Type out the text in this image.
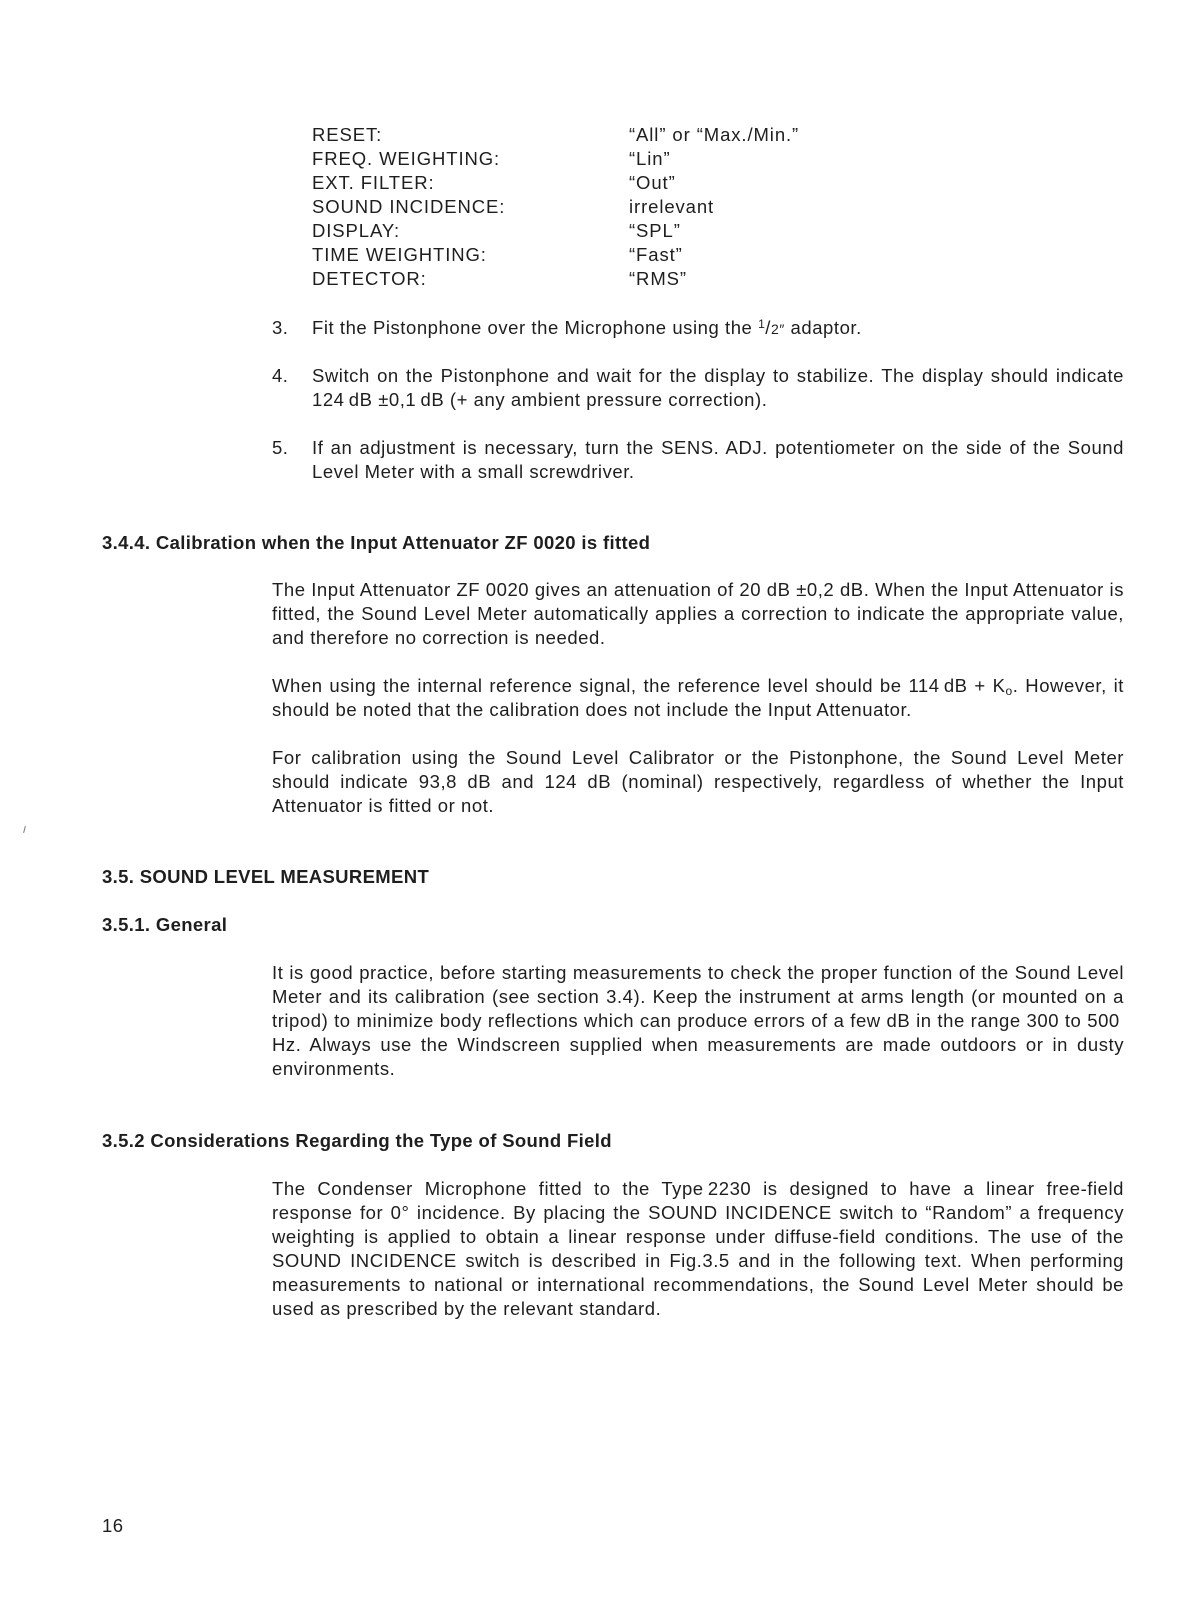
RESET:	“All” or “Max./Min.”
FREQ. WEIGHTING:	“Lin”
EXT. FILTER:	“Out”
SOUND INCIDENCE:	irrelevant
DISPLAY:	“SPL”
TIME WEIGHTING:	“Fast”
DETECTOR:	“RMS”
3.	Fit the Pistonphone over the Microphone using the $^1$/2″ adaptor.
4.	Switch on the Pistonphone and wait for the display to stabilize. The display should indicate 124 dB ±0,1 dB (+ any ambient pressure correction).
5.	If an adjustment is necessary, turn the SENS. ADJ. potentiometer on the side of the Sound Level Meter with a small screwdriver.
3.4.4. Calibration when the Input Attenuator ZF 0020 is fitted

The Input Attenuator ZF 0020 gives an attenuation of 20 dB ±0,2 dB. When the Input Attenuator is fitted, the Sound Level Meter automatically applies a correction to indicate the appropriate value, and therefore no correction is needed.

When using the internal reference signal, the reference level should be 114 dB + $K_o$. However, it should be noted that the calibration does not include the Input Attenuator.

For calibration using the Sound Level Calibrator or the Pistonphone, the Sound Level Meter should indicate 93,8 dB and 124 dB (nominal) respectively, regardless of whether the Input Attenuator is fitted or not.

3.5. SOUND LEVEL MEASUREMENT
3.5.1. General

It is good practice, before starting measurements to check the proper function of the Sound Level Meter and its calibration (see section 3.4). Keep the instrument at arms length (or mounted on a tripod) to minimize body reflections which can produce errors of a few dB in the range 300 to 500 Hz. Always use the Windscreen supplied when measurements are made outdoors or in dusty environments.

3.5.2 Considerations Regarding the Type of Sound Field

The Condenser Microphone fitted to the Type 2230 is designed to have a linear free-field response for 0° incidence. By placing the SOUND INCIDENCE switch to “Random” a frequency weighting is applied to obtain a linear response under diffuse-field conditions. The use of the SOUND INCIDENCE switch is described in Fig.3.5 and in the following text. When performing measurements to national or international recommendations, the Sound Level Meter should be used as prescribed by the relevant standard.

16
